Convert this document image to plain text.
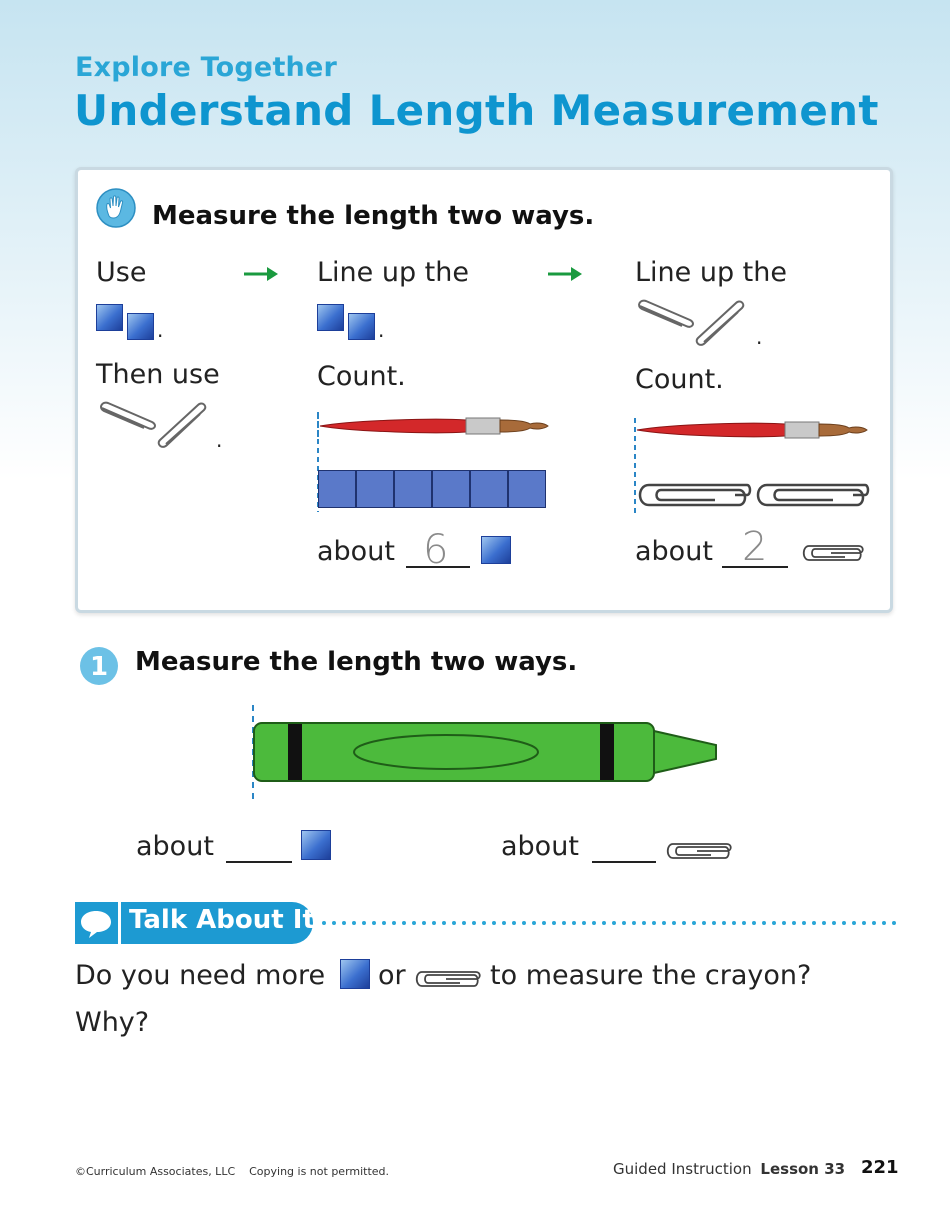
Explore Together
Understand Length Measurement
Measure the length two ways.
Use
.
Then use
.
Line up the
.
Count.
about 6
Line up the
.
Count.
about 2
1 Measure the length two ways.
about	about
Talk About It
Do you need more or	to measure the crayon?
Why?
©Curriculum Associates, LLC    Copying is not permitted.	Guided Instruction Lesson 33 221
